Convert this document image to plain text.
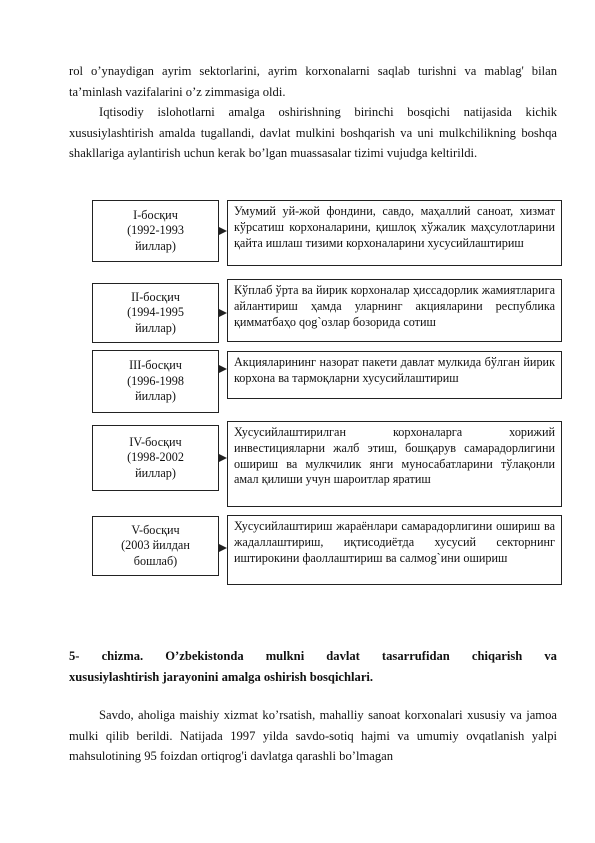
rol o’ynaydigan ayrim sektorlarini, ayrim korxonalarni saqlab turishni va mablag' bilan ta’minlash vazifalarini o’z zimmasiga oldi.

Iqtisodiy islohotlarni amalga oshirishning birinchi bosqichi natijasida kichik xususiylashtirish amalda tugallandi, davlat mulkini boshqarish va uni mulkchilikning boshqa shakllariga aylantirish uchun kerak bo’lgan muassasalar tizimi vujudga keltirildi.

I-босқич
(1992-1993
йиллар)
Умумий уй-жой фондини, савдо, маҳаллий саноат, хизмат кўрсатиш корхоналарини, қишлоқ хўжалик маҳсулотларини қайта ишлаш тизими корхоналарини хусусийлаштириш
II-босқич
(1994-1995
йиллар)
Кўплаб ўрта ва йирик корхоналар ҳиссадорлик жамиятларига айлантириш ҳамда уларнинг акцияларини республика қимматбаҳо qog`озлар бозорида сотиш
III-босқич
(1996-1998
йиллар)
Акцияларининг назорат пакети давлат мулкида бўлган йирик корхона ва тармоқларни хусусийлаштириш
IV-босқич
(1998-2002
йиллар)
Хусусийлаштирилган корхоналарга хорижий инвестицияларни жалб этиш, бошқарув самарадорлигини ошириш ва мулкчилик янги муносабатларини тўлақонли амал қилиши учун шароитлар яратиш
V-босқич
(2003 йилдан
бошлаб)
Хусусийлаштириш жараёнлари самарадорлигини ошириш ва жадаллаштириш, иқтисодиётда хусусий секторнинг иштирокини фаоллаштириш ва салмоg`ини ошириш
5- chizma. O’zbekistonda mulkni davlat tasarrufidan chiqarish va
xususiylashtirish jarayonini amalga oshirish bosqichlari.

Savdo, aholiga maishiy xizmat ko’rsatish, mahalliy sanoat korxonalari xususiy va jamoa mulki qilib berildi. Natijada 1997 yilda savdo-sotiq hajmi va umumiy ovqatlanish yalpi mahsulotining 95 foizdan ortiqrog'i davlatga qarashli bo’lmagan
